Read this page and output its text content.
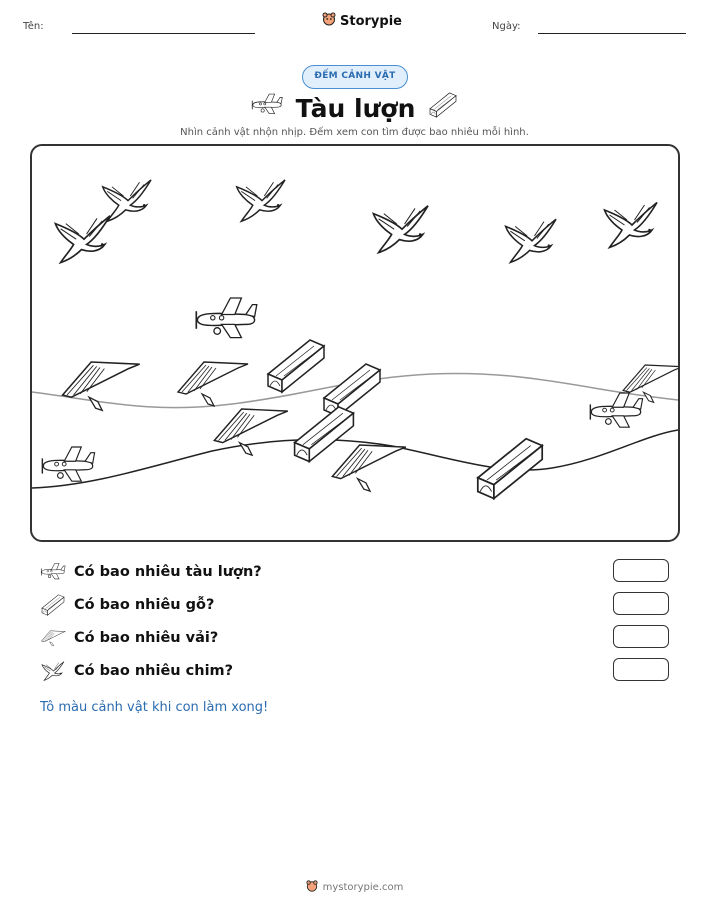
Tên:	Storypie	Ngày:
ĐẾM CẢNH VẬT
Tàu lượn
Nhìn cảnh vật nhộn nhịp. Đếm xem con tìm được bao nhiêu mỗi hình.
Có bao nhiêu tàu lượn?
Có bao nhiêu gỗ?
Có bao nhiêu vải?
Có bao nhiêu chim?
Tô màu cảnh vật khi con làm xong!
mystorypie.com
